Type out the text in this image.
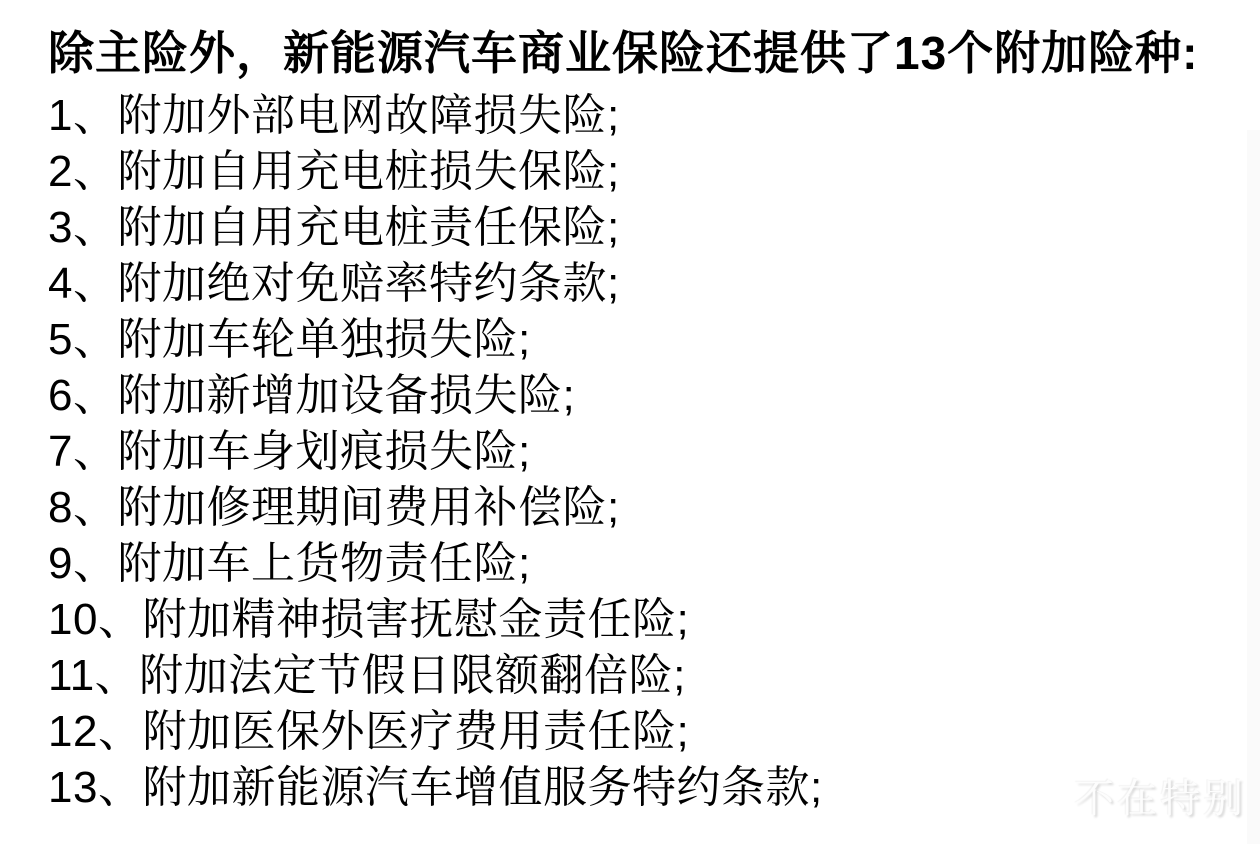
除主险外，新能源汽车商业保险还提供了13个附加险种:
1、附加外部电网故障损失险;
2、附加自用充电桩损失保险;
3、附加自用充电桩责任保险;
4、附加绝对免赔率特约条款;
5、附加车轮单独损失险;
6、附加新增加设备损失险;
7、附加车身划痕损失险;
8、附加修理期间费用补偿险;
9、附加车上货物责任险;
10、附加精神损害抚慰金责任险;
11、附加法定节假日限额翻倍险;
12、附加医保外医疗费用责任险;
13、附加新能源汽车增值服务特约条款;	不在特别
